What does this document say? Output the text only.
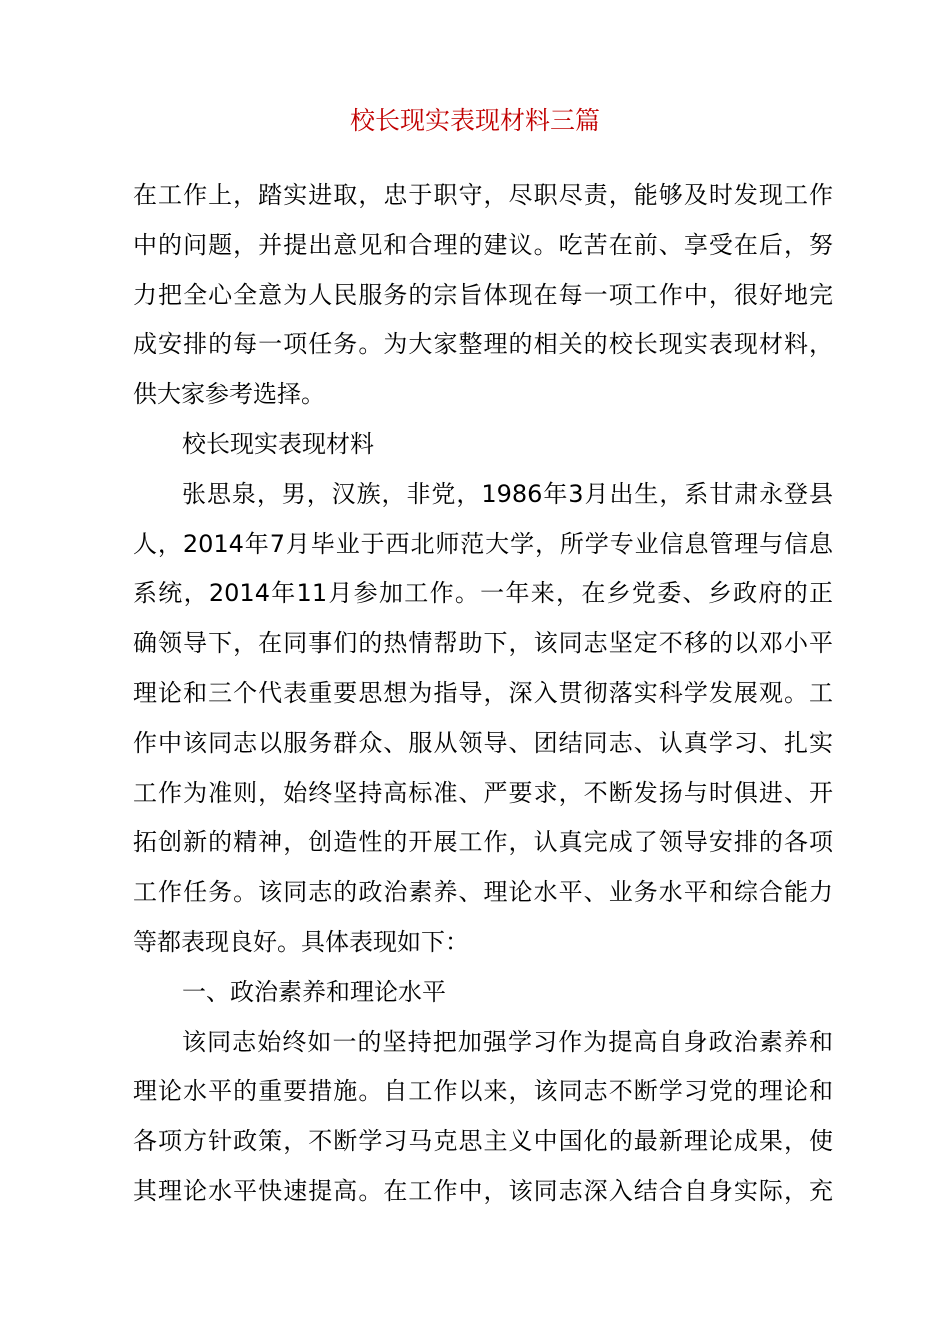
校长现实表现材料三篇

在工作上，踏实进取，忠于职守，尽职尽责，能够及时发现工作
中的问题，并提出意见和合理的建议。吃苦在前、享受在后，努
力把全心全意为人民服务的宗旨体现在每一项工作中，很好地完
成安排的每一项任务。为大家整理的相关的校长现实表现材料，
供大家参考选择。

校长现实表现材料

张思泉，男，汉族，非党，1986年3月出生，系甘肃永登县
人，2014年7月毕业于西北师范大学，所学专业信息管理与信息
系统，2014年11月参加工作。一年来，在乡党委、乡政府的正
确领导下，在同事们的热情帮助下，该同志坚定不移的以邓小平
理论和三个代表重要思想为指导，深入贯彻落实科学发展观。工
作中该同志以服务群众、服从领导、团结同志、认真学习、扎实
工作为准则，始终坚持高标准、严要求，不断发扬与时俱进、开
拓创新的精神，创造性的开展工作，认真完成了领导安排的各项
工作任务。该同志的政治素养、理论水平、业务水平和综合能力
等都表现良好。具体表现如下：

一、政治素养和理论水平

该同志始终如一的坚持把加强学习作为提高自身政治素养和
理论水平的重要措施。自工作以来，该同志不断学习党的理论和
各项方针政策，不断学习马克思主义中国化的最新理论成果，使
其理论水平快速提高。在工作中，该同志深入结合自身实际，充
